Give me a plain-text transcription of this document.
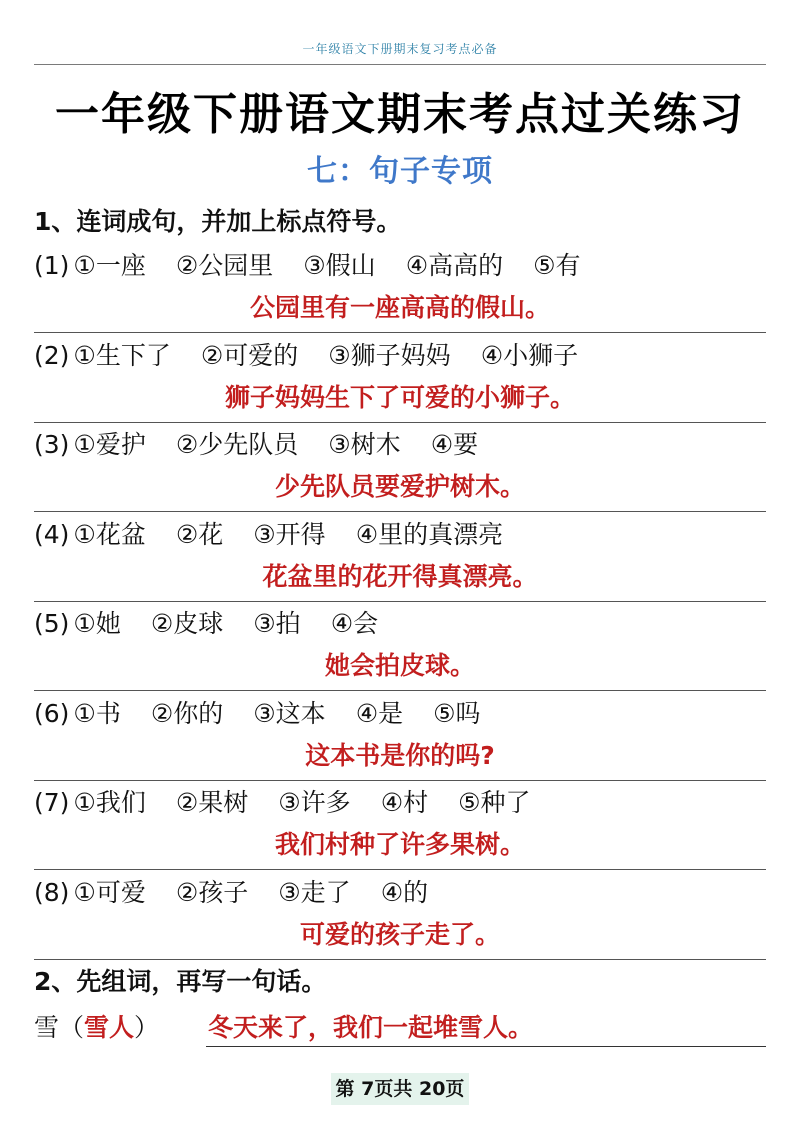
一年级语文下册期末复习考点必备
一年级下册语文期末考点过关练习
七：句子专项
1、连词成句，并加上标点符号。
(1) ①一座 ②公园里 ③假山 ④高高的 ⑤有
公园里有一座高高的假山。
(2) ①生下了 ②可爱的 ③狮子妈妈 ④小狮子
狮子妈妈生下了可爱的小狮子。
(3) ①爱护 ②少先队员 ③树木 ④要
少先队员要爱护树木。
(4) ①花盆 ②花 ③开得 ④里的真漂亮
花盆里的花开得真漂亮。
(5) ①她 ②皮球 ③拍 ④会
她会拍皮球。
(6) ①书 ②你的 ③这本 ④是 ⑤吗
这本书是你的吗?
(7) ①我们 ②果树 ③许多 ④村 ⑤种了
我们村种了许多果树。
(8) ①可爱 ②孩子 ③走了 ④的
可爱的孩子走了。
2、先组词，再写一句话。
雪（雪人） 冬天来了，我们一起堆雪人。
第 7页共 20页
